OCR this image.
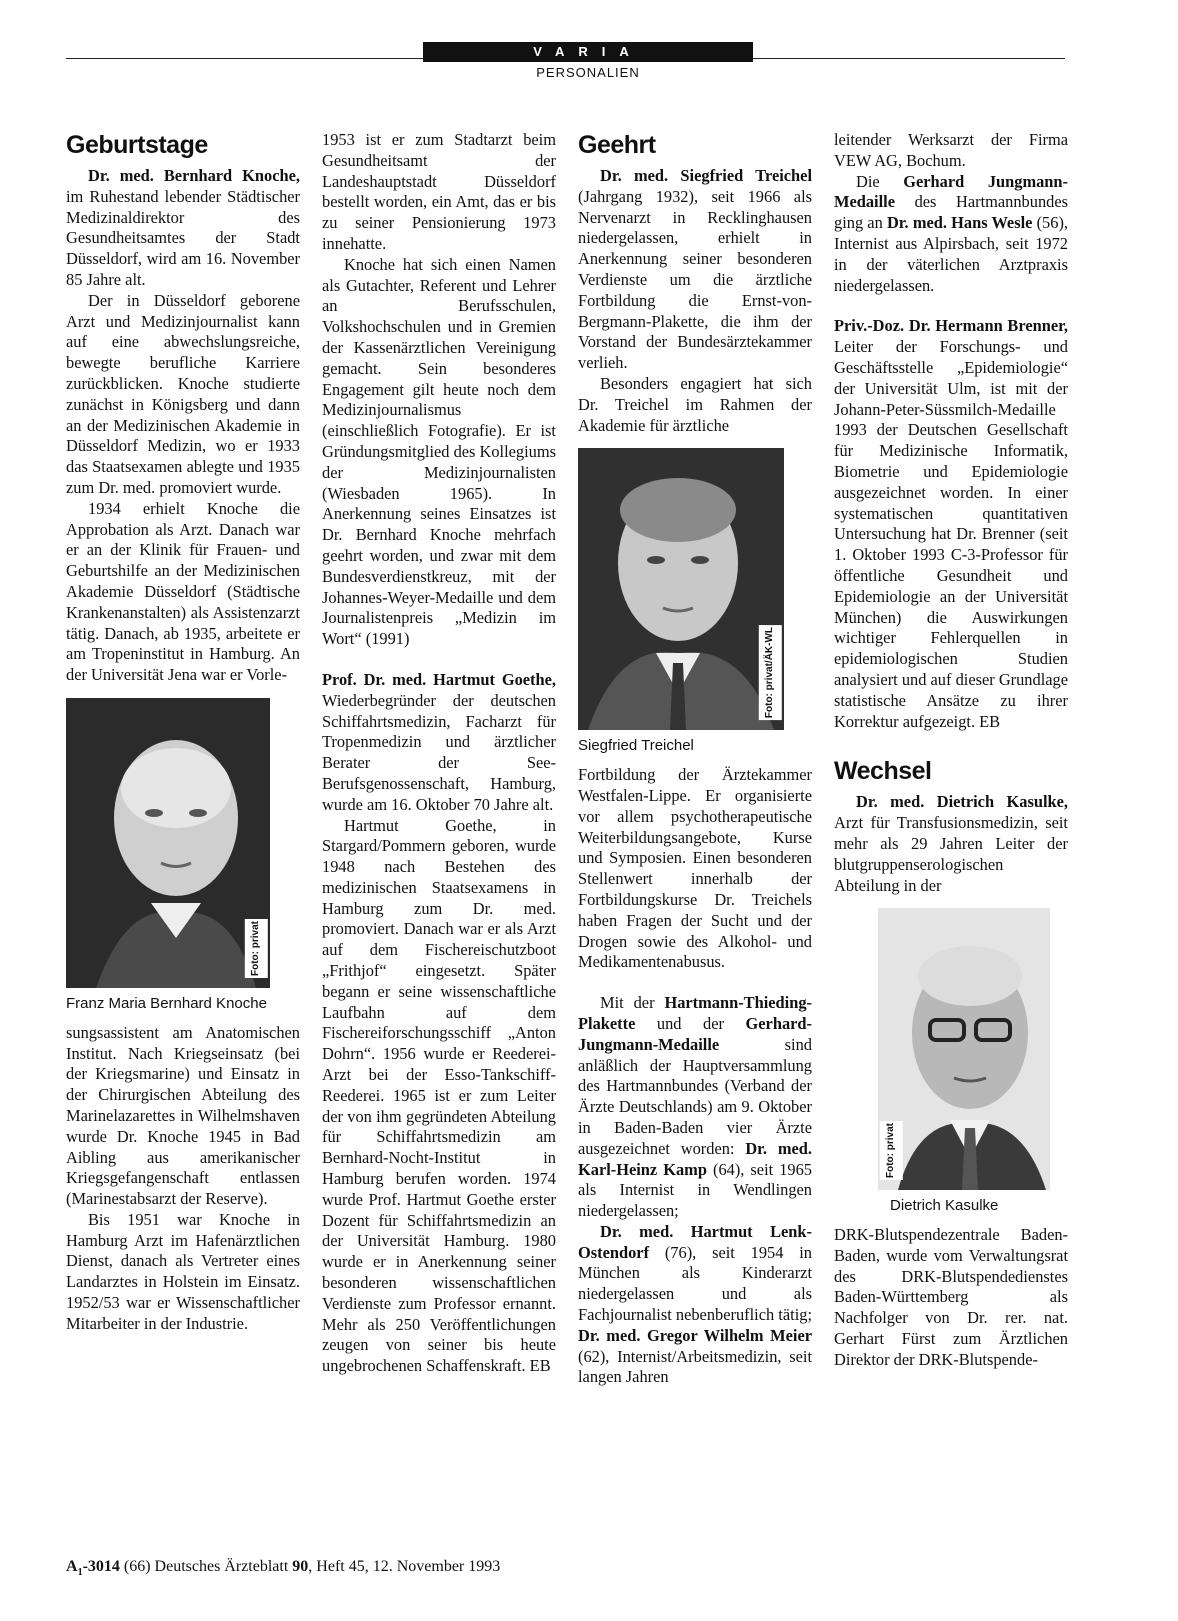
VARIA
PERSONALIEN
Geburtstage

Dr. med. Bernhard Knoche, im Ruhestand lebender Städtischer Medizinaldirektor des Gesundheitsamtes der Stadt Düsseldorf, wird am 16. November 85 Jahre alt.

Der in Düsseldorf geborene Arzt und Medizinjournalist kann auf eine abwechslungsreiche, bewegte berufliche Karriere zurückblicken. Knoche studierte zunächst in Königsberg und dann an der Medizinischen Akademie in Düsseldorf Medizin, wo er 1933 das Staatsexamen ablegte und 1935 zum Dr. med. promoviert wurde.

1934 erhielt Knoche die Approbation als Arzt. Danach war er an der Klinik für Frauen- und Geburtshilfe an der Medizinischen Akademie Düsseldorf (Städtische Krankenanstalten) als Assistenzarzt tätig. Danach, ab 1935, arbeitete er am Tropeninstitut in Hamburg. An der Universität Jena war er Vorle-

Foto: privat
Franz Maria Bernhard Knoche

sungsassistent am Anatomischen Institut. Nach Kriegseinsatz (bei der Kriegsmarine) und Einsatz in der Chirurgischen Abteilung des Marinelazarettes in Wilhelmshaven wurde Dr. Knoche 1945 in Bad Aibling aus amerikanischer Kriegsgefangenschaft entlassen (Marinestabsarzt der Reserve).

Bis 1951 war Knoche in Hamburg Arzt im Hafenärztlichen Dienst, danach als Vertreter eines Landarztes in Holstein im Einsatz. 1952/53 war er Wissenschaftlicher Mitarbeiter in der Industrie.

1953 ist er zum Stadtarzt beim Gesundheitsamt der Landeshauptstadt Düsseldorf bestellt worden, ein Amt, das er bis zu seiner Pensionierung 1973 innehatte.

Knoche hat sich einen Namen als Gutachter, Referent und Lehrer an Berufsschulen, Volkshochschulen und in Gremien der Kassenärztlichen Vereinigung gemacht. Sein besonderes Engagement gilt heute noch dem Medizinjournalismus (einschließlich Fotografie). Er ist Gründungsmitglied des Kollegiums der Medizinjournalisten (Wiesbaden 1965). In Anerkennung seines Einsatzes ist Dr. Bernhard Knoche mehrfach geehrt worden, und zwar mit dem Bundesverdienstkreuz, mit der Johannes-Weyer-Medaille und dem Journalistenpreis „Medizin im Wort“ (1991)

Prof. Dr. med. Hartmut Goethe, Wiederbegründer der deutschen Schiffahrtsmedizin, Facharzt für Tropenmedizin und ärztlicher Berater der See-Berufsgenossenschaft, Hamburg, wurde am 16. Oktober 70 Jahre alt.

Hartmut Goethe, in Stargard/Pommern geboren, wurde 1948 nach Bestehen des medizinischen Staatsexamens in Hamburg zum Dr. med. promoviert. Danach war er als Arzt auf dem Fischereischutzboot „Frithjof“ eingesetzt. Später begann er seine wissenschaftliche Laufbahn auf dem Fischereiforschungsschiff „Anton Dohrn“. 1956 wurde er Reederei-Arzt bei der Esso-Tankschiff-Reederei. 1965 ist er zum Leiter der von ihm gegründeten Abteilung für Schiffahrtsmedizin am Bernhard-Nocht-Institut in Hamburg berufen worden. 1974 wurde Prof. Hartmut Goethe erster Dozent für Schiffahrtsmedizin an der Universität Hamburg. 1980 wurde er in Anerkennung seiner besonderen wissenschaftlichen Verdienste zum Professor ernannt. Mehr als 250 Veröffentlichungen zeugen von seiner bis heute ungebrochenen Schaffenskraft. EB

Geehrt

Dr. med. Siegfried Treichel (Jahrgang 1932), seit 1966 als Nervenarzt in Recklinghausen niedergelassen, erhielt in Anerkennung seiner besonderen Verdienste um die ärztliche Fortbildung die Ernst-von-Bergmann-Plakette, die ihm der Vorstand der Bundesärztekammer verlieh.

Besonders engagiert hat sich Dr. Treichel im Rahmen der Akademie für ärztliche

Foto: privat/ÄK-WL
Siegfried Treichel

Fortbildung der Ärztekammer Westfalen-Lippe. Er organisierte vor allem psychotherapeutische Weiterbildungsangebote, Kurse und Symposien. Einen besonderen Stellenwert innerhalb der Fortbildungskurse Dr. Treichels haben Fragen der Sucht und der Drogen sowie des Alkohol- und Medikamentenabusus.

Mit der Hartmann-Thieding-Plakette und der Gerhard-Jungmann-Medaille sind anläßlich der Hauptversammlung des Hartmannbundes (Verband der Ärzte Deutschlands) am 9. Oktober in Baden-Baden vier Ärzte ausgezeichnet worden: Dr. med. Karl-Heinz Kamp (64), seit 1965 als Internist in Wendlingen niedergelassen;

Dr. med. Hartmut Lenk-Ostendorf (76), seit 1954 in München als Kinderarzt niedergelassen und als Fachjournalist nebenberuflich tätig; Dr. med. Gregor Wilhelm Meier (62), Internist/Arbeitsmedizin, seit langen Jahren

leitender Werksarzt der Firma VEW AG, Bochum.

Die Gerhard Jungmann-Medaille des Hartmannbundes ging an Dr. med. Hans Wesle (56), Internist aus Alpirsbach, seit 1972 in der väterlichen Arztpraxis niedergelassen.

Priv.-Doz. Dr. Hermann Brenner, Leiter der Forschungs- und Geschäftsstelle „Epidemiologie“ der Universität Ulm, ist mit der Johann-Peter-Süssmilch-Medaille 1993 der Deutschen Gesellschaft für Medizinische Informatik, Biometrie und Epidemiologie ausgezeichnet worden. In einer systematischen quantitativen Untersuchung hat Dr. Brenner (seit 1. Oktober 1993 C-3-Professor für öffentliche Gesundheit und Epidemiologie an der Universität München) die Auswirkungen wichtiger Fehlerquellen in epidemiologischen Studien analysiert und auf dieser Grundlage statistische Ansätze zu ihrer Korrektur aufgezeigt. EB

Wechsel

Dr. med. Dietrich Kasulke, Arzt für Transfusionsmedizin, seit mehr als 29 Jahren Leiter der blutgruppenserologischen Abteilung in der

Foto: privat
Dietrich Kasulke

DRK-Blutspendezentrale Baden-Baden, wurde vom Verwaltungsrat des DRK-Blutspendedienstes Baden-Württemberg als Nachfolger von Dr. rer. nat. Gerhart Fürst zum Ärztlichen Direktor der DRK-Blutspende-

$A_1-3014$ (66) Deutsches Ärzteblatt 90, Heft 45, 12. November 1993
